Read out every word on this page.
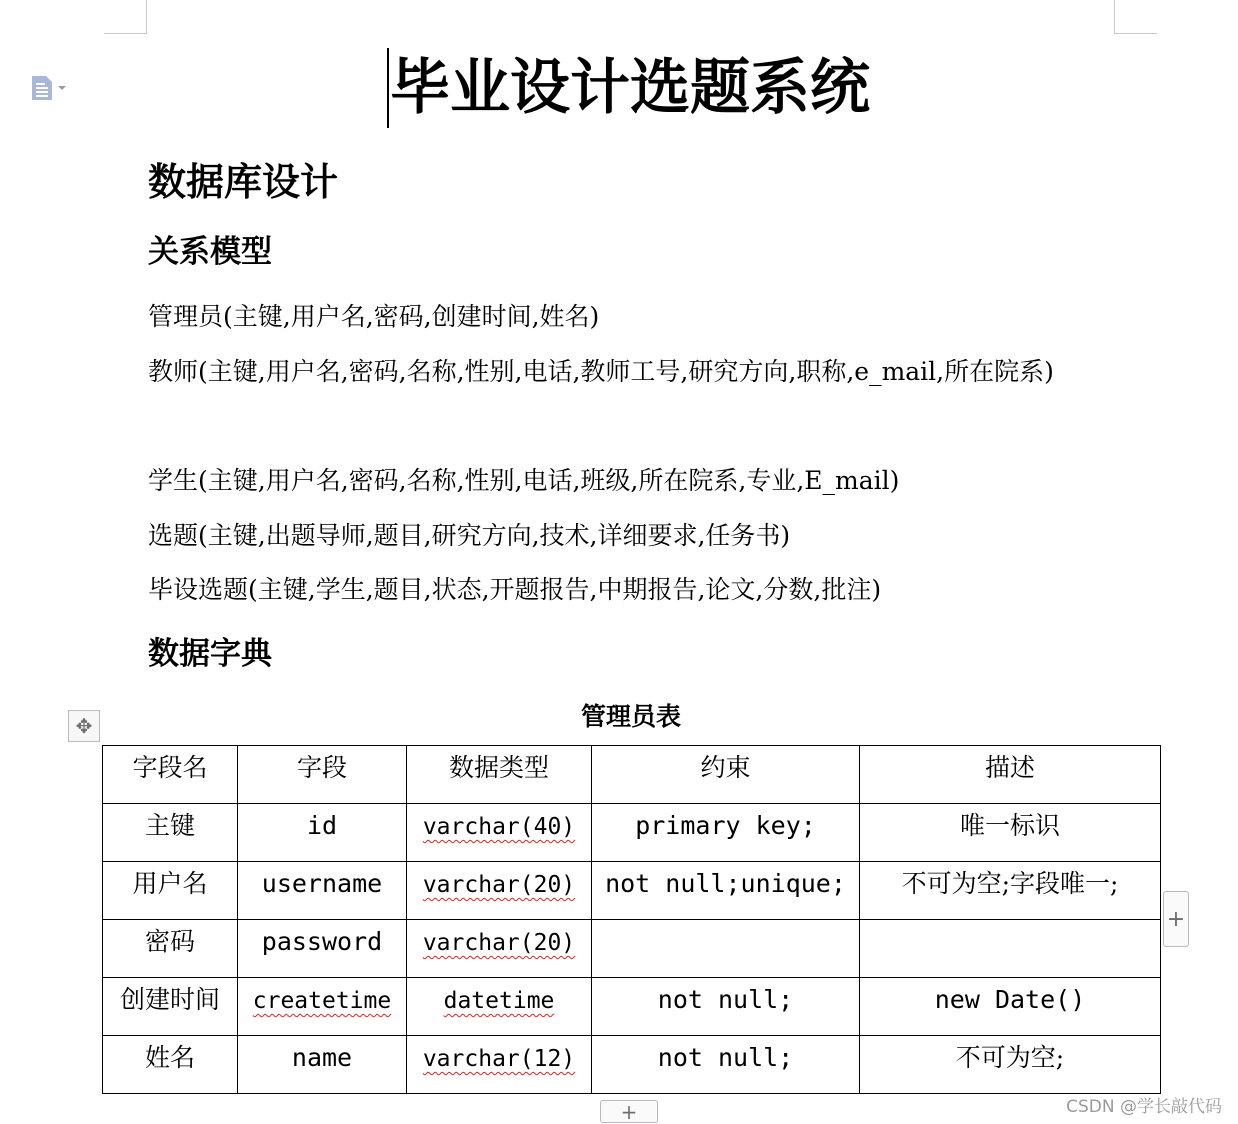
毕业设计选题系统
数据库设计
关系模型

管理员(主键,用户名,密码,创建时间,姓名)

教师(主键,用户名,密码,名称,性别,电话,教师工号,研究方向,职称,e_mail,所在院系)

学生(主键,用户名,密码,名称,性别,电话,班级,所在院系,专业,E_mail)

选题(主键,出题导师,题目,研究方向,技术,详细要求,任务书)

毕设选题(主键,学生,题目,状态,开题报告,中期报告,论文,分数,批注)

数据字典

管理员表

✥
字段名	字段	数据类型	约束	描述
主键	id	varchar(40)	primary key;	唯一标识
用户名	username	varchar(20)	not null;unique;	不可为空;字段唯一;
密码	password	varchar(20)		
创建时间	createtime	datetime	not null;	new Date()
姓名	name	varchar(12)	not null;	不可为空;
+
+	CSDN @学长敲代码
